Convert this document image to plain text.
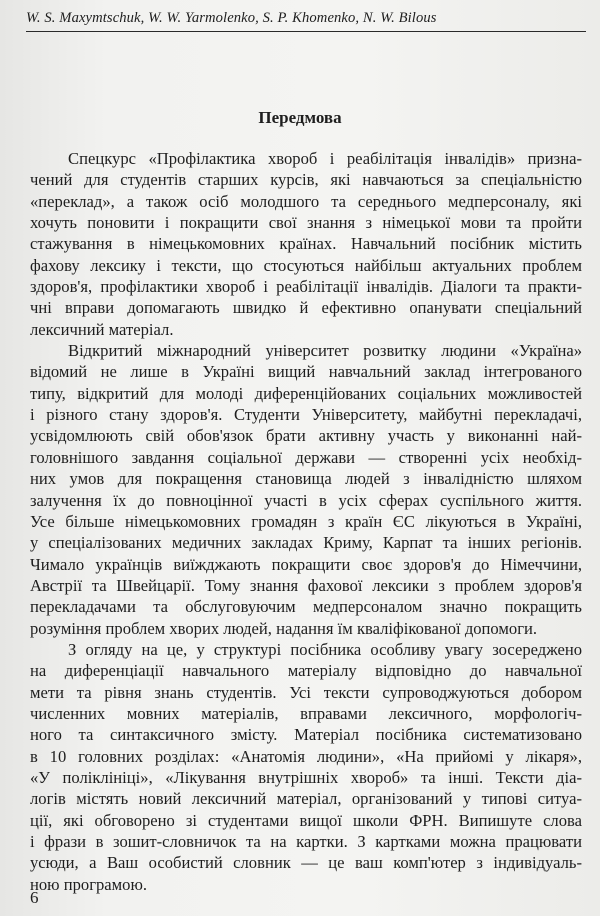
W. S. Maxymtschuk, W. W. Yarmolenko, S. P. Khomenko, N. W. Bilous
Передмова
Спецкурс «Профілактика хвороб і реабілітація інвалідів» призна-
чений для студентів старших курсів, які навчаються за спеціальністю
«переклад», а також осіб молодшого та середнього медперсоналу, які
хочуть поновити і покращити свої знання з німецької мови та пройти
стажування в німецькомовних країнах. Навчальний посібник містить
фахову лексику і тексти, що стосуються найбільш актуальних проблем
здоров'я, профілактики хвороб і реабілітації інвалідів. Діалоги та практи-
чні вправи допомагають швидко й ефективно опанувати спеціальний
лексичний матеріал.
Відкритий міжнародний університет розвитку людини «Україна»
відомий не лише в Україні вищий навчальний заклад інтегрованого
типу, відкритий для молоді диференційованих соціальних можливостей
і різного стану здоров'я. Студенти Університету, майбутні перекладачі,
усвідомлюють свій обов'язок брати активну участь у виконанні най-
головнішого завдання соціальної держави — створенні усіх необхід-
них умов для покращення становища людей з інвалідністю шляхом
залучення їх до повноцінної участі в усіх сферах суспільного життя.
Усе більше німецькомовних громадян з країн ЄС лікуються в Україні,
у спеціалізованих медичних закладах Криму, Карпат та інших регіонів.
Чимало українців виїжджають покращити своє здоров'я до Німеччини,
Австрії та Швейцарії. Тому знання фахової лексики з проблем здоров'я
перекладачами та обслуговуючим медперсоналом значно покращить
розуміння проблем хворих людей, надання їм кваліфікованої допомоги.
З огляду на це, у структурі посібника особливу увагу зосереджено
на диференціації навчального матеріалу відповідно до навчальної
мети та рівня знань студентів. Усі тексти супроводжуються добором
численних мовних матеріалів, вправами лексичного, морфологіч-
ного та синтаксичного змісту. Матеріал посібника систематизовано
в 10 головних розділах: «Анатомія людини», «На прийомі у лікаря»,
«У поліклініці», «Лікування внутрішніх хвороб» та інші. Тексти діа-
логів містять новий лексичний матеріал, організований у типові ситуа-
ції, які обговорено зі студентами вищої школи ФРН. Випишуте слова
і фрази в зошит-словничок та на картки. З картками можна працювати
усюди, а Ваш особистий словник — це ваш комп'ютер з індивідуаль-
ною програмою.
6
